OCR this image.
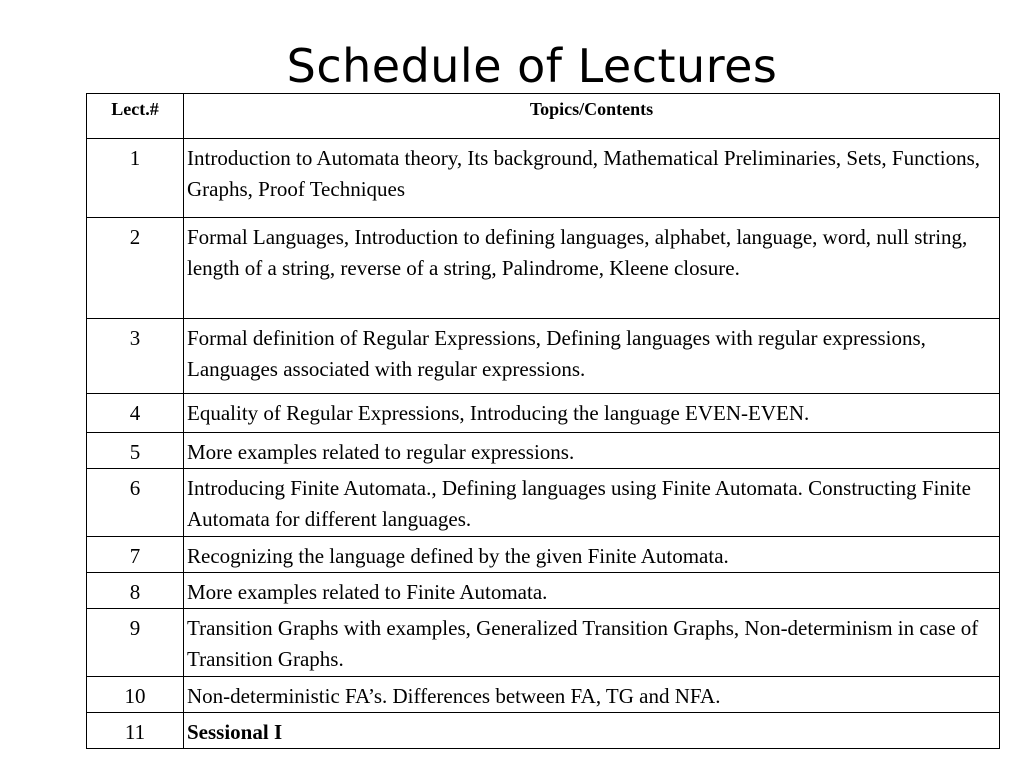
Schedule of Lectures
Lect.#	Topics/Contents
1	Introduction to Automata theory, Its background, Mathematical Preliminaries, Sets, Functions, Graphs, Proof Techniques
2	Formal Languages, Introduction to defining languages, alphabet, language, word, null string, length of a string, reverse of a string, Palindrome, Kleene closure.
3	Formal definition of Regular Expressions, Defining languages with regular expressions, Languages associated with regular expressions.
4	Equality of Regular Expressions, Introducing the language EVEN-EVEN.
5	More examples related to regular expressions.
6	Introducing Finite Automata., Defining languages using Finite Automata. Constructing Finite Automata for different languages.
7	Recognizing the language defined by the given Finite Automata.
8	More examples related to Finite Automata.
9	Transition Graphs with examples, Generalized Transition Graphs, Non-determinism in case of Transition Graphs.
10	Non-deterministic FA’s. Differences between FA, TG and NFA.
11	Sessional I
